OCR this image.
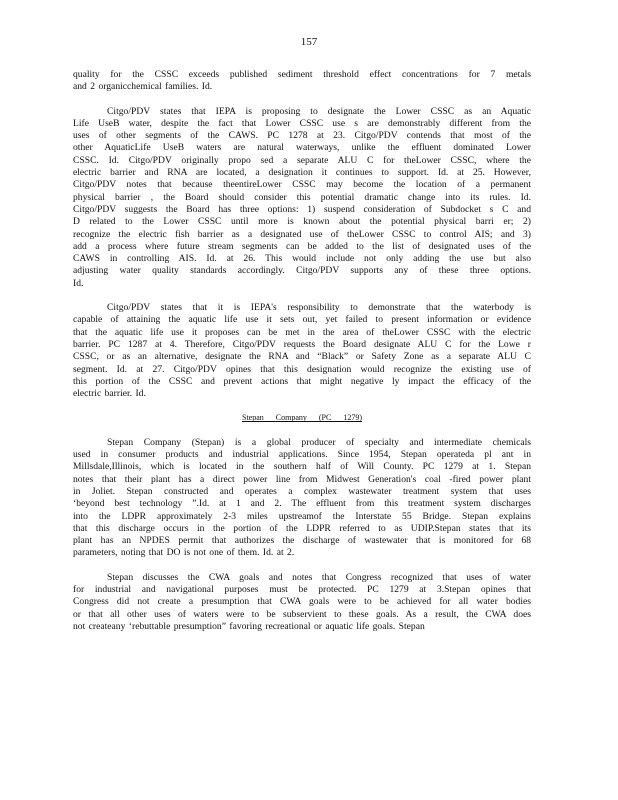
157
quality for the CSSC exceeds published sediment threshold effect concentrations for 7 metals
and 2 organicchemical families. Id.
Citgo/PDV states that IEPA is proposing to designate the Lower CSSC as an Aquatic
Life UseB water, despite the fact that Lower CSSC use s are demonstrably different from the
uses of other segments of the CAWS. PC 1278 at 23. Citgo/PDV contends that most of the
other AquaticLife UseB waters are natural waterways, unlike the effluent dominated Lower
CSSC. Id. Citgo/PDV originally propo sed a separate ALU C for theLower CSSC, where the
electric barrier and RNA are located, a designation it continues to support. Id. at 25. However,
Citgo/PDV notes that because theentireLower CSSC may become the location of a permanent
physical barrier , the Board should consider this potential dramatic change into its rules. Id.
Citgo/PDV suggests the Board has three options: 1) suspend consideration of Subdocket s C and
D related to the Lower CSSC until more is known about the potential physical barri er; 2)
recognize the electric fish barrier as a designated use of theLower CSSC to control AIS; and 3)
add a process where future stream segments can be added to the list of designated uses of the
CAWS in controlling AIS. Id. at 26. This would include not only adding the use but also
adjusting water quality standards accordingly. Citgo/PDV supports any of these three options.
Id.
Citgo/PDV states that it is IEPA's responsibility to demonstrate that the waterbody is
capable of attaining the aquatic life use it sets out, yet failed to present information or evidence
that the aquatic life use it proposes can be met in the area of theLower CSSC with the electric
barrier. PC 1287 at 4. Therefore, Citgo/PDV requests the Board designate ALU C for the Lowe r
CSSC, or as an alternative, designate the RNA and “Black” or Safety Zone as a separate ALU C
segment. Id. at 27. Citgo/PDV opines that this designation would recognize the existing use of
this portion of the CSSC and prevent actions that might negative ly impact the efficacy of the
electric barrier. Id.
Stepan Company (PC 1279)
Stepan Company (Stepan) is a global producer of specialty and intermediate chemicals
used in consumer products and industrial applications. Since 1954, Stepan operateda pl ant in
Millsdale,Illinois, which is located in the southern half of Will County. PC 1279 at 1. Stepan
notes that their plant has a direct power line from Midwest Generation's coal -fired power plant
in Joliet. Stepan constructed and operates a complex wastewater treatment system that uses
‘beyond best technology ”.Id. at 1 and 2. The effluent from this treatment system discharges
into the LDPR approximately 2-3 miles upstreamof the Interstate 55 Bridge. Stepan explains
that this discharge occurs in the portion of the LDPR referred to as UDIP.Stepan states that its
plant has an NPDES permit that authorizes the discharge of wastewater that is monitored for 68
parameters, noting that DO is not one of them. Id. at 2.
Stepan discusses the CWA goals and notes that Congress recognized that uses of water
for industrial and navigational purposes must be protected. PC 1279 at 3.Stepan opines that
Congress did not create a presumption that CWA goals were to be achieved for all water bodies
or that all other uses of waters were to be subservient to these goals. As a result, the CWA does
not createany ‘rebuttable presumption” favoring recreational or aquatic life goals. Stepan
